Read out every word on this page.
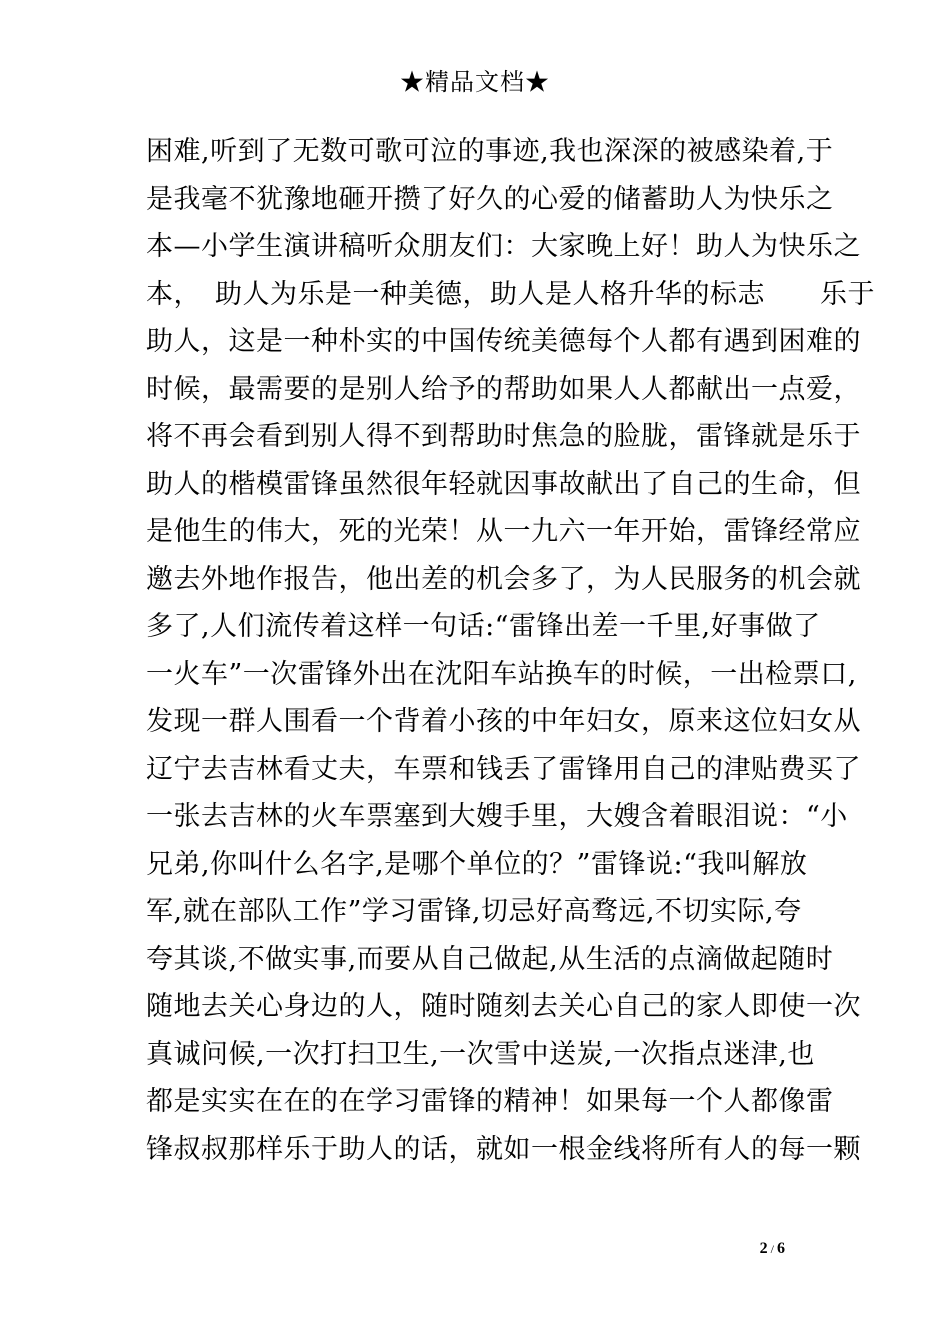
★精品文档★
困难,听到了无数可歌可泣的事迹,我也深深的被感染着,于
是我毫不犹豫地砸开攒了好久的心爱的储蓄助人为快乐之
本—小学生演讲稿听众朋友们：大家晚上好！助人为快乐之
本，　助人为乐是一种美德，助人是人格升华的标志　　乐于
助人，这是一种朴实的中国传统美德每个人都有遇到困难的
时候，最需要的是别人给予的帮助如果人人都献出一点爱，
将不再会看到别人得不到帮助时焦急的脸胧，雷锋就是乐于
助人的楷模雷锋虽然很年轻就因事故献出了自己的生命，但
是他生的伟大，死的光荣！从一九六一年开始，雷锋经常应
邀去外地作报告，他出差的机会多了，为人民服务的机会就
多了,人们流传着这样一句话:“雷锋出差一千里,好事做了
一火车”一次雷锋外出在沈阳车站换车的时候，一出检票口,
发现一群人围看一个背着小孩的中年妇女，原来这位妇女从
辽宁去吉林看丈夫，车票和钱丢了雷锋用自己的津贴费买了
一张去吉林的火车票塞到大嫂手里，大嫂含着眼泪说：“小
兄弟,你叫什么名字,是哪个单位的？”雷锋说:“我叫解放
军,就在部队工作”学习雷锋,切忌好高骛远,不切实际,夸
夸其谈,不做实事,而要从自己做起,从生活的点滴做起随时
随地去关心身边的人，随时随刻去关心自己的家人即使一次
真诚问候,一次打扫卫生,一次雪中送炭,一次指点迷津,也
都是实实在在的在学习雷锋的精神！如果每一个人都像雷
锋叔叔那样乐于助人的话，就如一根金线将所有人的每一颗
2 / 6
